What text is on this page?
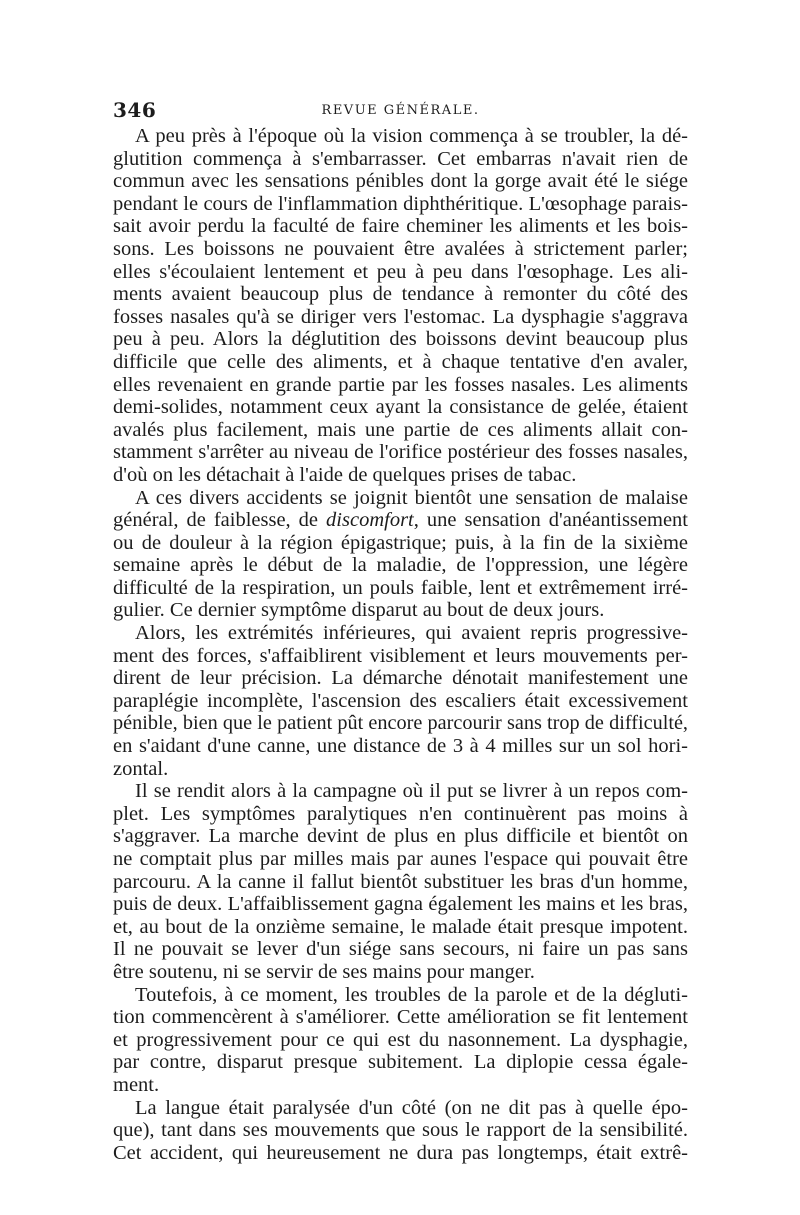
346	REVUE GÉNÉRALE.
A peu près à l'époque où la vision commença à se troubler, la dé-
glutition commença à s'embarrasser. Cet embarras n'avait rien de
commun avec les sensations pénibles dont la gorge avait été le siége
pendant le cours de l'inflammation diphthéritique. L'œsophage parais-
sait avoir perdu la faculté de faire cheminer les aliments et les bois-
sons. Les boissons ne pouvaient être avalées à strictement parler;
elles s'écoulaient lentement et peu à peu dans l'œsophage. Les ali-
ments avaient beaucoup plus de tendance à remonter du côté des
fosses nasales qu'à se diriger vers l'estomac. La dysphagie s'aggrava
peu à peu. Alors la déglutition des boissons devint beaucoup plus
difficile que celle des aliments, et à chaque tentative d'en avaler,
elles revenaient en grande partie par les fosses nasales. Les aliments
demi-solides, notamment ceux ayant la consistance de gelée, étaient
avalés plus facilement, mais une partie de ces aliments allait con-
stamment s'arrêter au niveau de l'orifice postérieur des fosses nasales,
d'où on les détachait à l'aide de quelques prises de tabac.
A ces divers accidents se joignit bientôt une sensation de malaise
général, de faiblesse, de discomfort, une sensation d'anéantissement
ou de douleur à la région épigastrique; puis, à la fin de la sixième
semaine après le début de la maladie, de l'oppression, une légère
difficulté de la respiration, un pouls faible, lent et extrêmement irré-
gulier. Ce dernier symptôme disparut au bout de deux jours.
Alors, les extrémités inférieures, qui avaient repris progressive-
ment des forces, s'affaiblirent visiblement et leurs mouvements per-
dirent de leur précision. La démarche dénotait manifestement une
paraplégie incomplète, l'ascension des escaliers était excessivement
pénible, bien que le patient pût encore parcourir sans trop de difficulté,
en s'aidant d'une canne, une distance de 3 à 4 milles sur un sol hori-
zontal.
Il se rendit alors à la campagne où il put se livrer à un repos com-
plet. Les symptômes paralytiques n'en continuèrent pas moins à
s'aggraver. La marche devint de plus en plus difficile et bientôt on
ne comptait plus par milles mais par aunes l'espace qui pouvait être
parcouru. A la canne il fallut bientôt substituer les bras d'un homme,
puis de deux. L'affaiblissement gagna également les mains et les bras,
et, au bout de la onzième semaine, le malade était presque impotent.
Il ne pouvait se lever d'un siége sans secours, ni faire un pas sans
être soutenu, ni se servir de ses mains pour manger.
Toutefois, à ce moment, les troubles de la parole et de la dégluti-
tion commencèrent à s'améliorer. Cette amélioration se fit lentement
et progressivement pour ce qui est du nasonnement. La dysphagie,
par contre, disparut presque subitement. La diplopie cessa égale-
ment.
La langue était paralysée d'un côté (on ne dit pas à quelle épo-
que), tant dans ses mouvements que sous le rapport de la sensibilité.
Cet accident, qui heureusement ne dura pas longtemps, était extrê-
